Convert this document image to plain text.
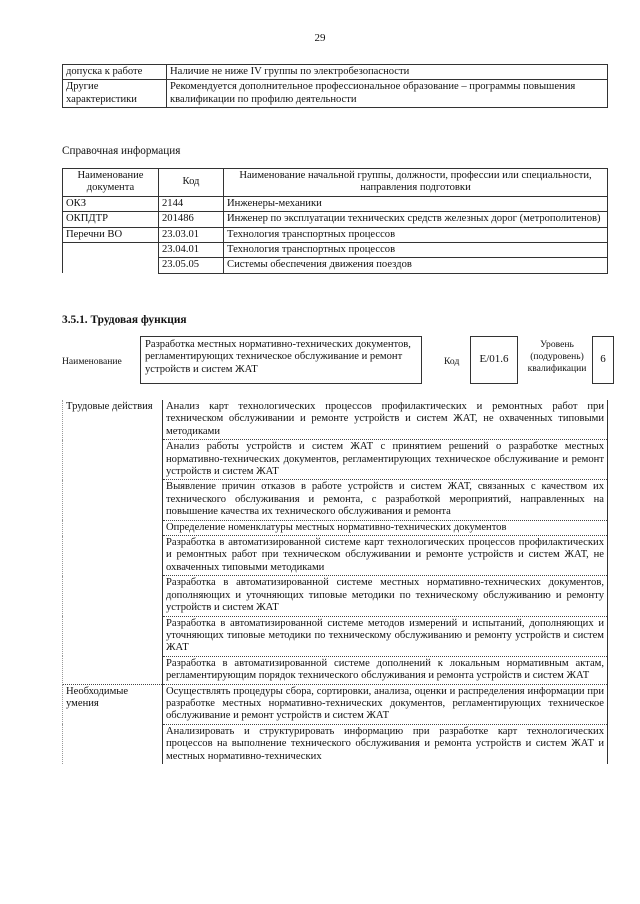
29
допуска к работе	Наличие не ниже IV группы по электробезопасности
Другие характеристики	Рекомендуется дополнительное профессиональное образование – программы повышения квалификации по профилю деятельности
Справочная информация
Наименование документа	Код	Наименование начальной группы, должности, профессии или специальности, направления подготовки
ОКЗ	2144	Инженеры-механики
ОКПДТР	201486	Инженер по эксплуатации технических средств железных дорог (метрополитенов)
Перечни ВО	23.03.01	Технология транспортных процессов
	23.04.01	Технология транспортных процессов
	23.05.05	Системы обеспечения движения поездов
3.5.1. Трудовая функция
Наименование
Разработка местных нормативно-технических документов, регламентирующих техническое обслуживание и ремонт устройств и систем ЖАТ
Код	E/01.6
Уровень (подуровень) квалификации
6
Трудовые действия	Анализ карт технологических процессов профилактических и ремонтных работ при техническом обслуживании и ремонте устройств и систем ЖАТ, не охваченных типовыми методиками
	Анализ работы устройств и систем ЖАТ с принятием решений о разработке местных нормативно-технических документов, регламентирующих техническое обслуживание и ремонт устройств и систем ЖАТ
	Выявление причин отказов в работе устройств и систем ЖАТ, связанных с качеством их технического обслуживания и ремонта, с разработкой мероприятий, направленных на повышение качества их технического обслуживания и ремонта
	Определение номенклатуры местных нормативно-технических документов
	Разработка в автоматизированной системе карт технологических процессов профилактических и ремонтных работ при техническом обслуживании и ремонте устройств и систем ЖАТ, не охваченных типовыми методиками
	Разработка в автоматизированной системе местных нормативно-технических документов, дополняющих и уточняющих типовые методики по техническому обслуживанию и ремонту устройств и систем ЖАТ
	Разработка в автоматизированной системе методов измерений и испытаний, дополняющих и уточняющих типовые методики по техническому обслуживанию и ремонту устройств и систем ЖАТ
	Разработка в автоматизированной системе дополнений к локальным нормативным актам, регламентирующим порядок технического обслуживания и ремонта устройств и систем ЖАТ
Необходимые умения	Осуществлять процедуры сбора, сортировки, анализа, оценки и распределения информации при разработке местных нормативно-технических документов, регламентирующих техническое обслуживание и ремонт устройств и систем ЖАТ
	Анализировать и структурировать информацию при разработке карт технологических процессов на выполнение технического обслуживания и ремонта устройств и систем ЖАТ и местных нормативно-технических
